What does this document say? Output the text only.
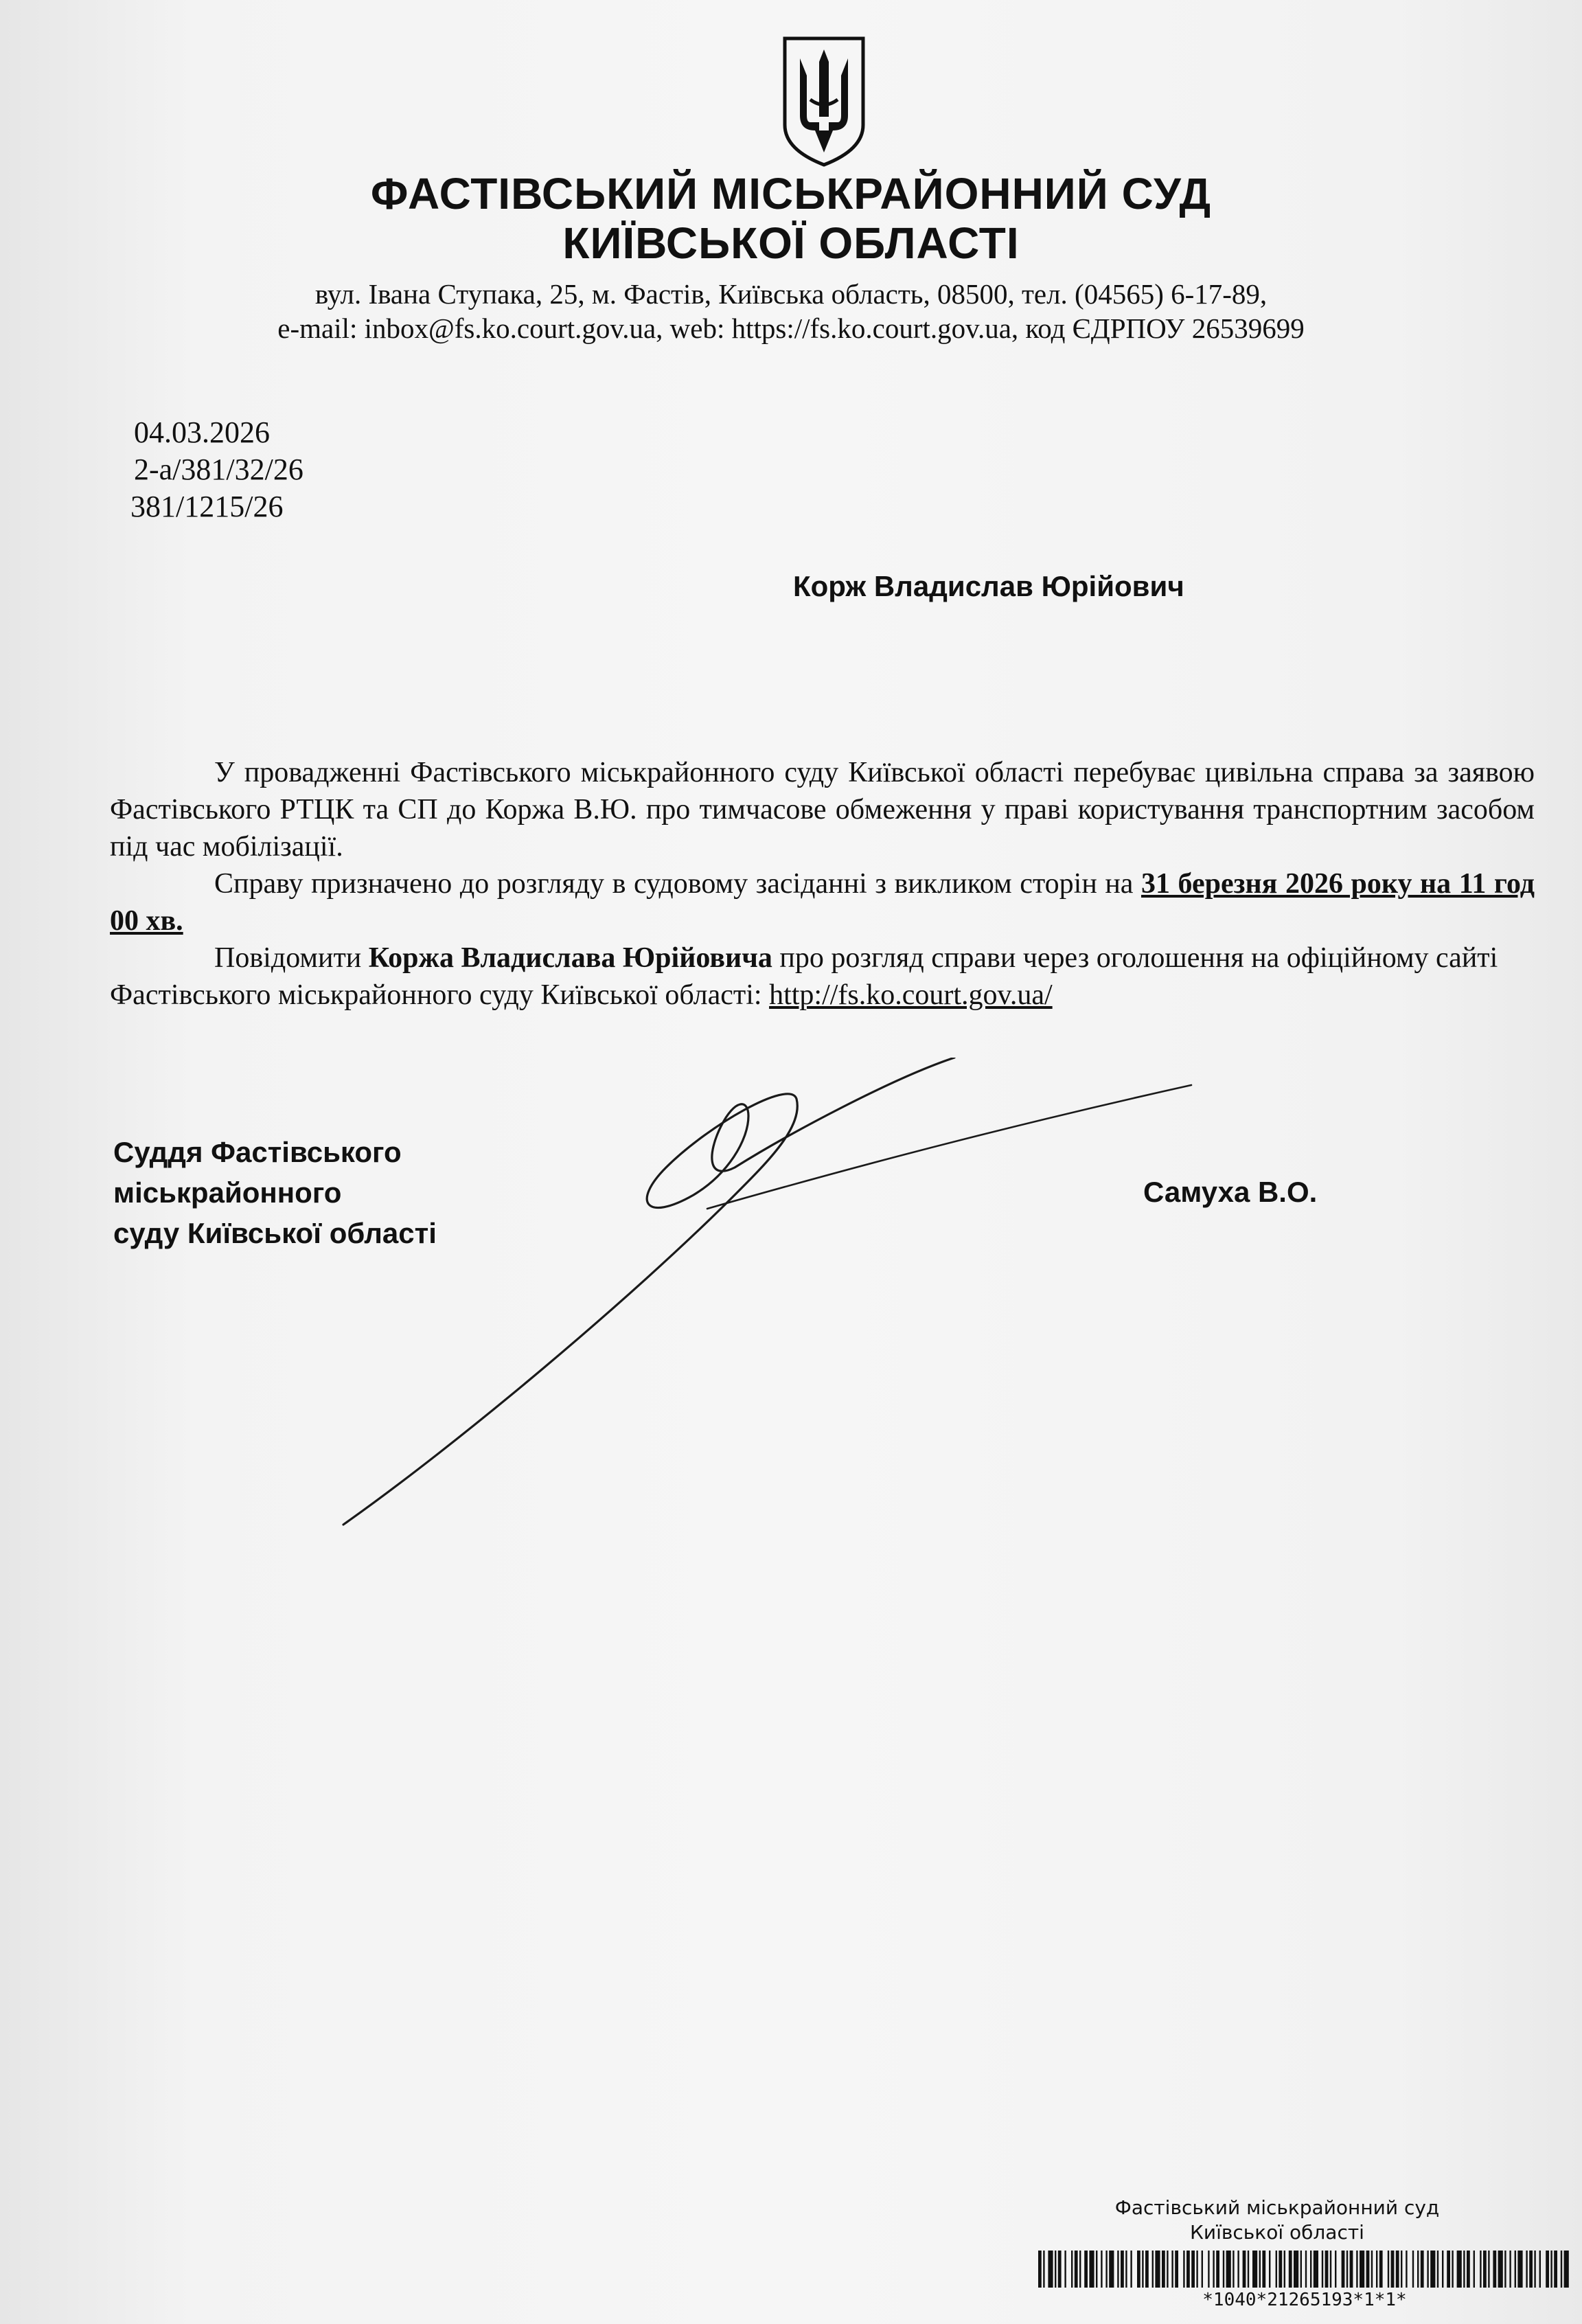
ФАСТІВСЬКИЙ МІСЬКРАЙОННИЙ СУД
КИЇВСЬКОЇ ОБЛАСТІ
вул. Івана Ступака, 25, м. Фастів, Київська область, 08500, тел. (04565) 6-17-89,
e-mail: inbox@fs.ko.court.gov.ua, web: https://fs.ko.court.gov.ua, код ЄДРПОУ 26539699
04.03.2026
2-а/381/32/26
381/1215/26
Корж Владислав Юрійович

У провадженні Фастівського міськрайонного суду Київської області перебуває цивільна справа за заявою Фастівського РТЦК та СП до Коржа В.Ю. про тимчасове обмеження у праві користування транспортним засобом під час мобілізації.

Справу призначено до розгляду в судовому засіданні з викликом сторін на 31 березня 2026 року на 11 год 00 хв.

Повідомити Коржа Владислава Юрійовича про розгляд справи через оголошення на офіційному сайті Фастівського міськрайонного суду Київської області: http://fs.ko.court.gov.ua/

Суддя Фастівського
міськрайонного
суду Київської області
Самуха В.О.
Фастівський міськрайонний суд
Київської області
*1040*21265193*1*1*
